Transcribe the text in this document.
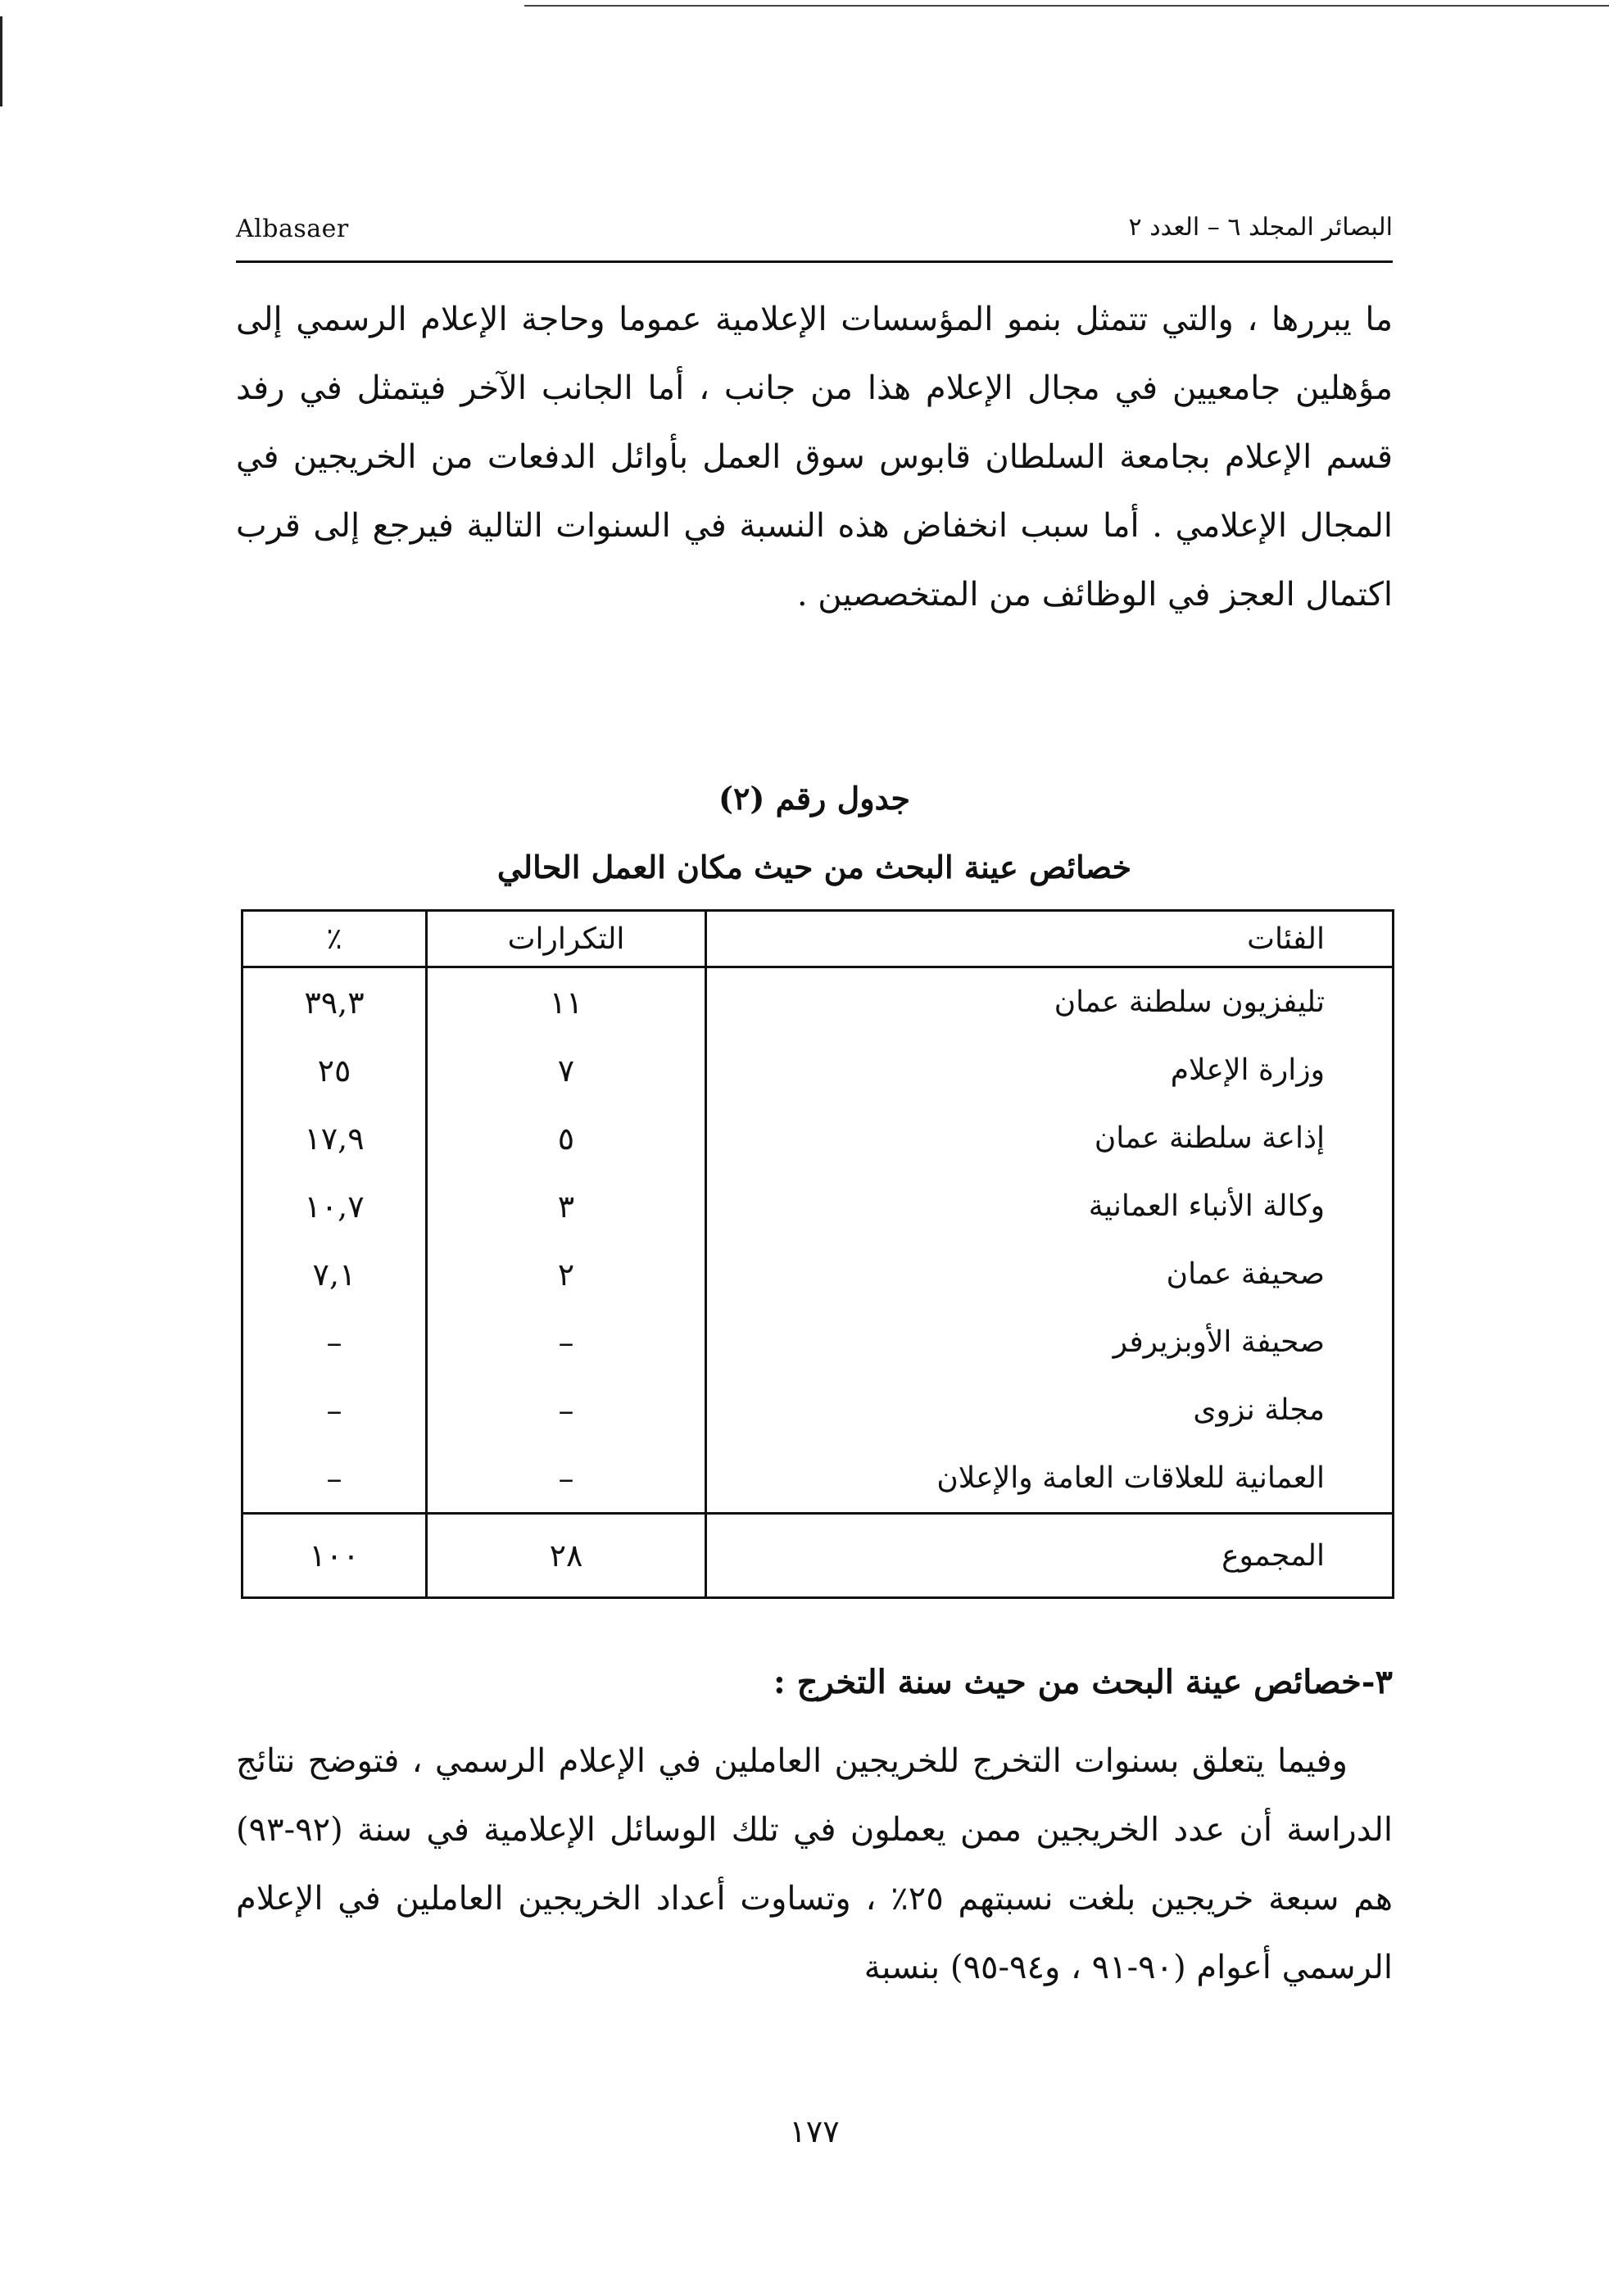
Albasaer	البصائر المجلد ٦ – العدد ٢

ما يبررها ، والتي تتمثل بنمو المؤسسات الإعلامية عموما وحاجة الإعلام الرسمي إلى مؤهلين جامعيين في مجال الإعلام هذا من جانب ، أما الجانب الآخر فيتمثل في رفد قسم الإعلام بجامعة السلطان قابوس سوق العمل بأوائل الدفعات من الخريجين في المجال الإعلامي . أما سبب انخفاض هذه النسبة في السنوات التالية فيرجع إلى قرب اكتمال العجز في الوظائف من المتخصصين .

جدول رقم (٢)
خصائص عينة البحث من حيث مكان العمل الحالي
الفئات	التكرارات	٪
تليفزيون سلطنة عمان	١١	٣٩,٣
وزارة الإعلام	٧	٢٥
إذاعة سلطنة عمان	٥	١٧,٩
وكالة الأنباء العمانية	٣	١٠,٧
صحيفة عمان	٢	٧,١
صحيفة الأوبزيرفر	–	–
مجلة نزوى	–	–
العمانية للعلاقات العامة والإعلان	–	–
المجموع	٢٨	١٠٠
٣-خصائص عينة البحث من حيث سنة التخرج :

وفيما يتعلق بسنوات التخرج للخريجين العاملين في الإعلام الرسمي ، فتوضح نتائج الدراسة أن عدد الخريجين ممن يعملون في تلك الوسائل الإعلامية في سنة (٩٢-٩٣) هم سبعة خريجين بلغت نسبتهم ٢٥٪ ، وتساوت أعداد الخريجين العاملين في الإعلام الرسمي أعوام (٩٠-٩١ ، و٩٤-٩٥) بنسبة

١٧٧
